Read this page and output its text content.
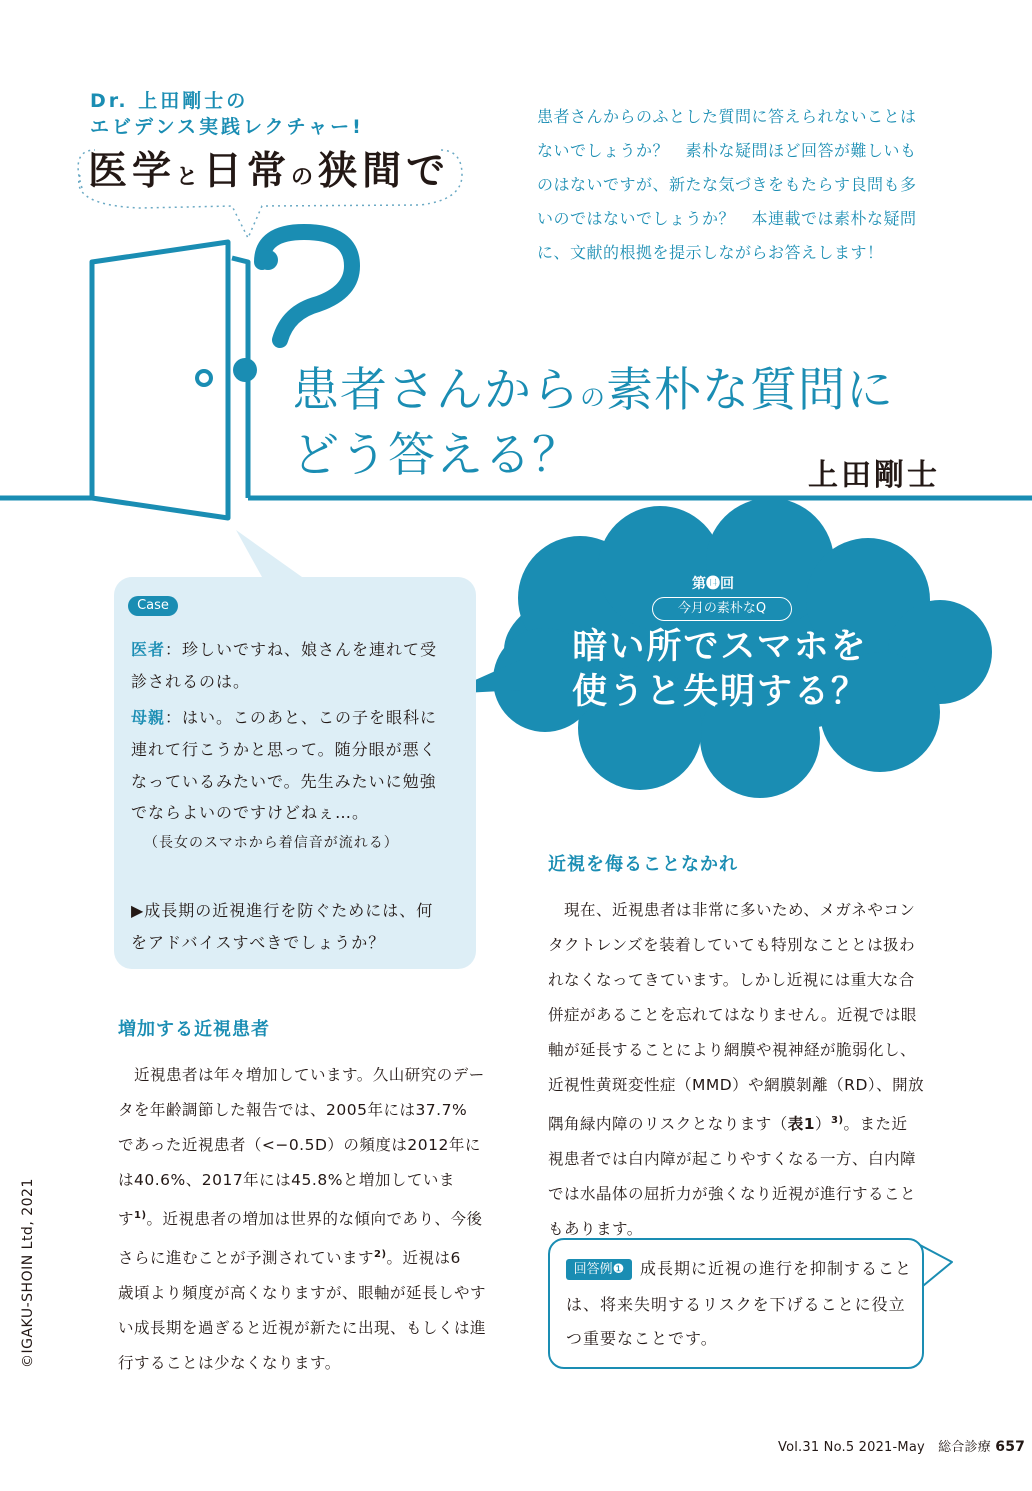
Dr. 上田剛士の
エビデンス実践レクチャー!
医学と日常の狭間で
患者さんからのふとした質問に答えられないことは
ないでしょうか？　素朴な疑問ほど回答が難しいも
のはないですが、新たな気づきをもたらす良問も多
いのではないでしょうか？　本連載では素朴な疑問
に、文献的根拠を提示しながらお答えします！
患者さんからの素朴な質問に
どう答える？	上田剛士
Case
医者：珍しいですね、娘さんを連れて受
診されるのは。
母親：はい。このあと、この子を眼科に
連れて行こうかと思って。随分眼が悪く
なっているみたいで。先生みたいに勉強
でならよいのですけどねぇ…。
（長女のスマホから着信音が流れる）
▶成長期の近視進行を防ぐためには、何
をアドバイスすべきでしょうか？
第⓮回
今月の素朴なQ
暗い所でスマホを
使うと失明する？
増加する近視患者
　近視患者は年々増加しています。久山研究のデー
タを年齢調節した報告では、2005年には37.7%
であった近視患者（<−0.5D）の頻度は2012年に
は40.6%、2017年には45.8%と増加していま
す$^{1)}$。近視患者の増加は世界的な傾向であり、今後
さらに進むことが予測されています$^{2)}$。近視は6
歳頃より頻度が高くなりますが、眼軸が延長しやす
い成長期を過ぎると近視が新たに出現、もしくは進
行することは少なくなります。
近視を侮ることなかれ
　現在、近視患者は非常に多いため、メガネやコン
タクトレンズを装着していても特別なこととは扱わ
れなくなってきています。しかし近視には重大な合
併症があることを忘れてはなりません。近視では眼
軸が延長することにより網膜や視神経が脆弱化し、
近視性黄斑変性症（MMD）や網膜剝離（RD）、開放
隅角緑内障のリスクとなります（表1）$^{3)}$。また近
視患者では白内障が起こりやすくなる一方、白内障
では水晶体の屈折力が強くなり近視が進行すること
もあります。
回答例❶ 成長期に近視の進行を抑制すること
は、将来失明するリスクを下げることに役立
つ重要なことです。
©IGAKU-SHOIN Ltd, 2021
Vol.31 No.5 2021-May　総合診療 657
